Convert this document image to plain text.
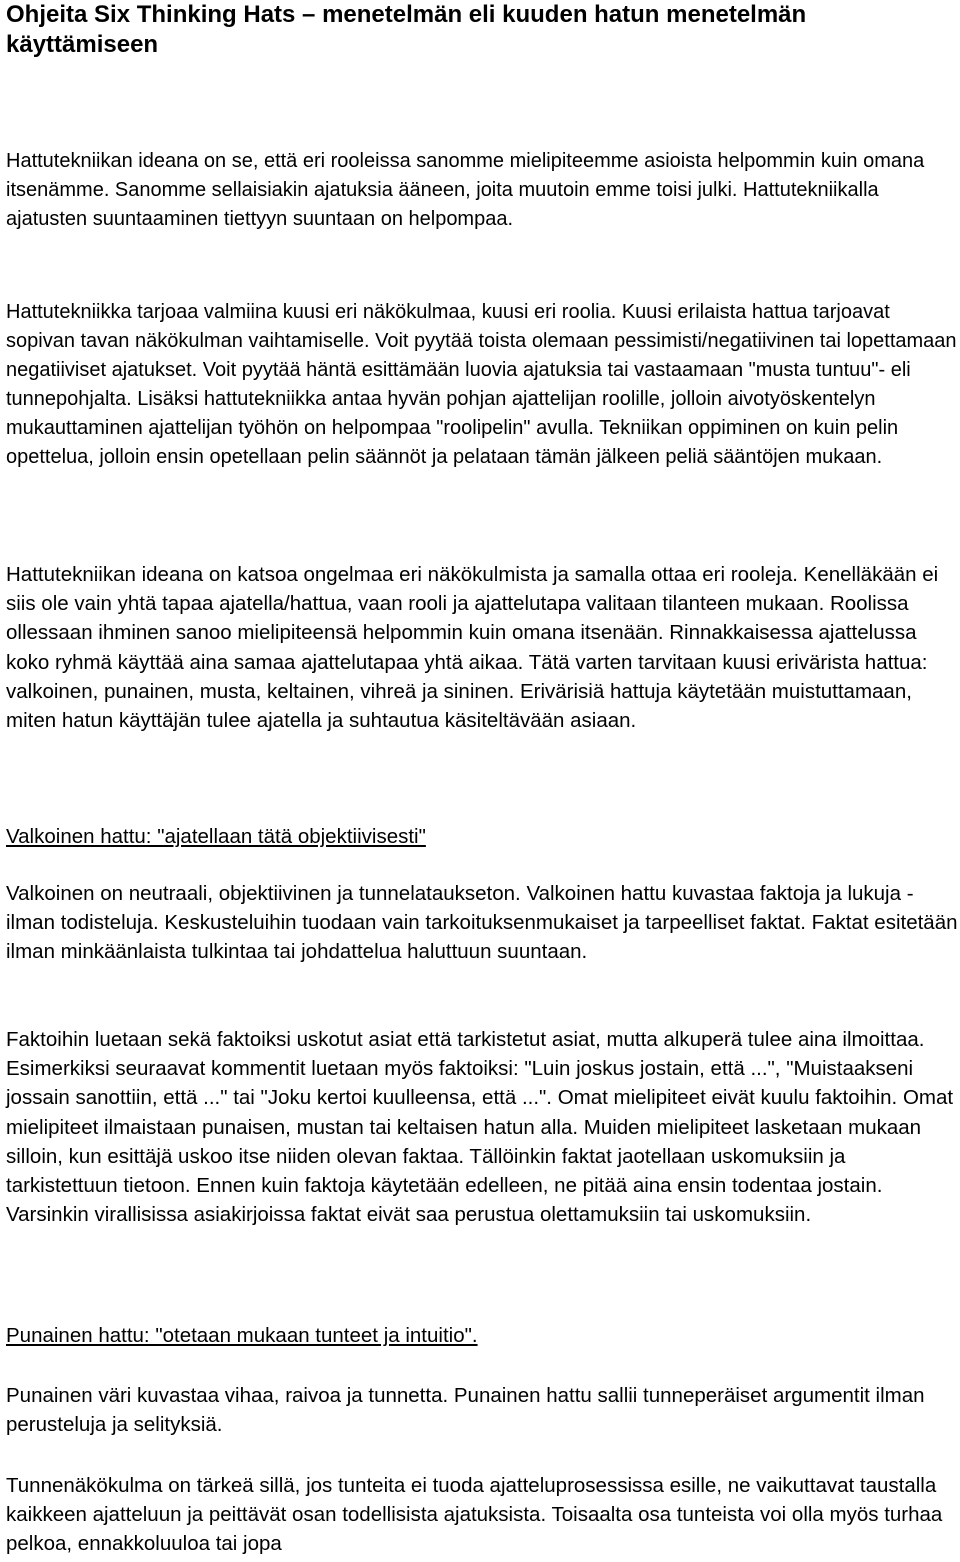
Ohjeita Six Thinking Hats – menetelmän eli kuuden hatun menetelmän käyttämiseen

Hattutekniikan ideana on se, että eri rooleissa sanomme mielipiteemme asioista helpommin kuin omana itsenämme. Sanomme sellaisiakin ajatuksia ääneen, joita muutoin emme toisi julki. Hattutekniikalla ajatusten suuntaaminen tiettyyn suuntaan on helpompaa.

Hattutekniikka tarjoaa valmiina kuusi eri näkökulmaa, kuusi eri roolia. Kuusi erilaista hattua tarjoavat sopivan tavan näkökulman vaihtamiselle. Voit pyytää toista olemaan pessimisti/negatiivinen tai lopettamaan negatiiviset ajatukset. Voit pyytää häntä esittämään luovia ajatuksia tai vastaamaan "musta tuntuu"- eli tunnepohjalta. Lisäksi hattutekniikka antaa hyvän pohjan ajattelijan roolille, jolloin aivotyöskentelyn mukauttaminen ajattelijan työhön on helpompaa "roolipelin" avulla. Tekniikan oppiminen on kuin pelin opettelua, jolloin ensin opetellaan pelin säännöt ja pelataan tämän jälkeen peliä sääntöjen mukaan.

Hattutekniikan ideana on katsoa ongelmaa eri näkökulmista ja samalla ottaa eri rooleja. Kenelläkään ei siis ole vain yhtä tapaa ajatella/hattua, vaan rooli ja ajattelutapa valitaan tilanteen mukaan. Roolissa ollessaan ihminen sanoo mielipiteensä helpommin kuin omana itsenään. Rinnakkaisessa ajattelussa koko ryhmä käyttää aina samaa ajattelutapaa yhtä aikaa. Tätä varten tarvitaan kuusi erivärista hattua: valkoinen, punainen, musta, keltainen, vihreä ja sininen. Erivärisiä hattuja käytetään muistuttamaan, miten hatun käyttäjän tulee ajatella ja suhtautua käsiteltävään asiaan.

Valkoinen hattu: "ajatellaan tätä objektiivisesti"

Valkoinen on neutraali, objektiivinen ja tunnelataukseton. Valkoinen hattu kuvastaa faktoja ja lukuja - ilman todisteluja. Keskusteluihin tuodaan vain tarkoituksenmukaiset ja tarpeelliset faktat. Faktat esitetään ilman minkäänlaista tulkintaa tai johdattelua haluttuun suuntaan.

Faktoihin luetaan sekä faktoiksi uskotut asiat että tarkistetut asiat, mutta alkuperä tulee aina ilmoittaa. Esimerkiksi seuraavat kommentit luetaan myös faktoiksi: "Luin joskus jostain, että ...", "Muistaakseni jossain sanottiin, että ..." tai "Joku kertoi kuulleensa, että ...". Omat mielipiteet eivät kuulu faktoihin. Omat mielipiteet ilmaistaan punaisen, mustan tai keltaisen hatun alla. Muiden mielipiteet lasketaan mukaan silloin, kun esittäjä uskoo itse niiden olevan faktaa. Tällöinkin faktat jaotellaan uskomuksiin ja tarkistettuun tietoon. Ennen kuin faktoja käytetään edelleen, ne pitää aina ensin todentaa jostain. Varsinkin virallisissa asiakirjoissa faktat eivät saa perustua olettamuksiin tai uskomuksiin.

Punainen hattu: "otetaan mukaan tunteet ja intuitio".

Punainen väri kuvastaa vihaa, raivoa ja tunnetta. Punainen hattu sallii tunneperäiset argumentit ilman perusteluja ja selityksiä.

Tunnenäkökulma on tärkeä sillä, jos tunteita ei tuoda ajatteluprosessissa esille, ne vaikuttavat taustalla kaikkeen ajatteluun ja peittävät osan todellisista ajatuksista. Toisaalta osa tunteista voi olla myös turhaa pelkoa, ennakkoluuloa tai jopa
